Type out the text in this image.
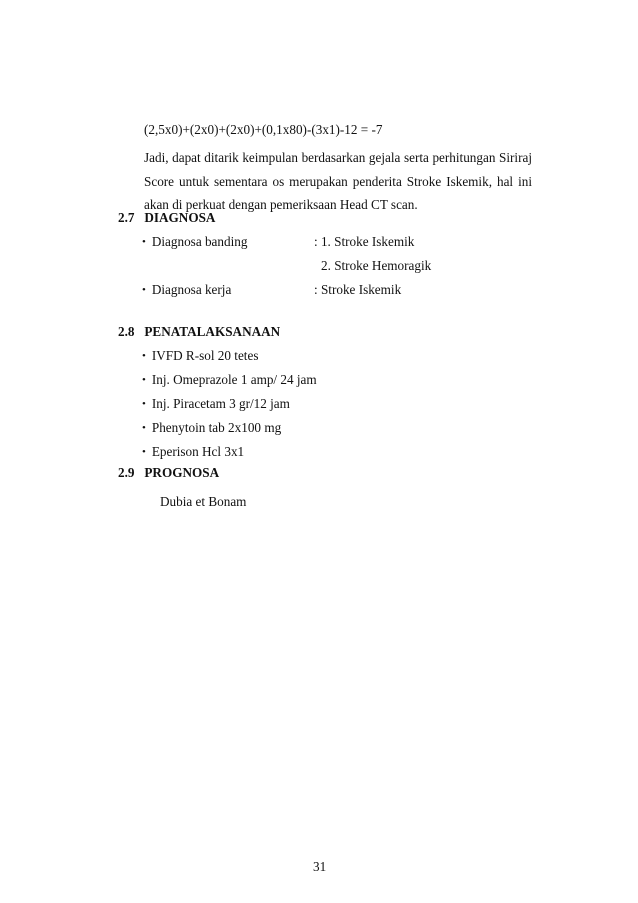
(2,5x0)+(2x0)+(2x0)+(0,1x80)-(3x1)-12 = -7
Jadi, dapat ditarik keimpulan berdasarkan gejala serta perhitungan Siriraj Score untuk sementara os merupakan penderita Stroke Iskemik, hal ini akan di perkuat dengan pemeriksaan Head CT scan.
2.7 DIAGNOSA
• Diagnosa banding	: 1. Stroke Iskemik
2. Stroke Hemoragik
• Diagnosa kerja	: Stroke Iskemik
2.8 PENATALAKSANAAN
• IVFD R-sol 20 tetes
• Inj. Omeprazole 1 amp/ 24 jam
• Inj. Piracetam 3 gr/12 jam
• Phenytoin tab 2x100 mg
• Eperison Hcl 3x1
2.9 PROGNOSA
Dubia et Bonam
31
